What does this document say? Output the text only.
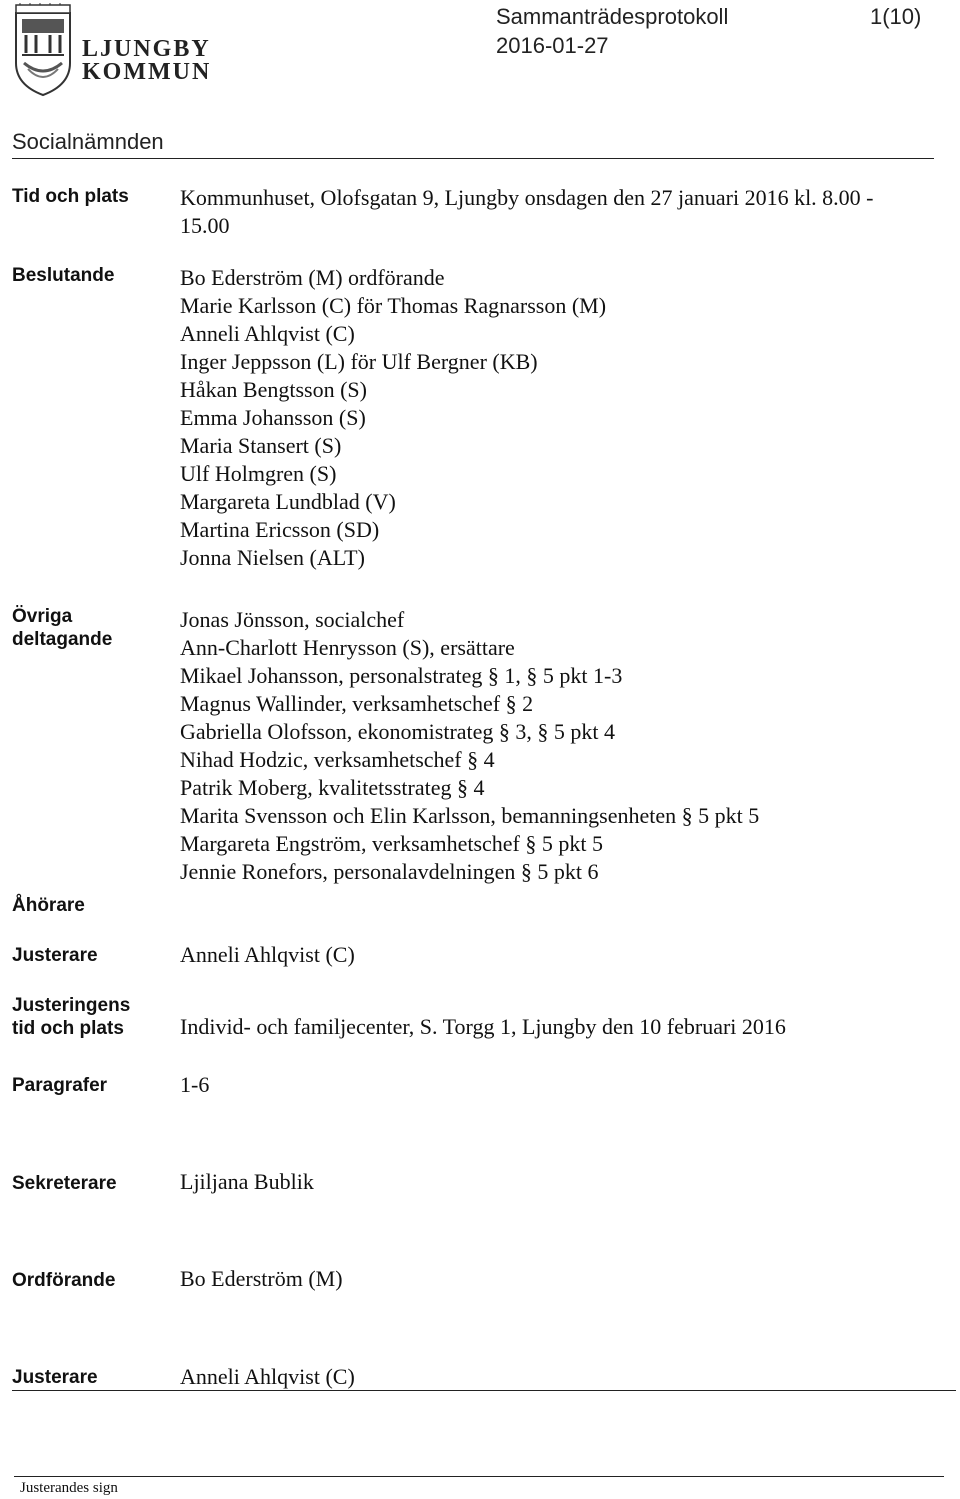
LJUNGBY
KOMMUN
Sammanträdesprotokoll	1(10)
2016-01-27
Socialnämnden
Tid och plats Kommunhuset, Olofsgatan 9, Ljungby onsdagen den 27 januari 2016 kl. 8.00 -
15.00
Beslutande	Bo Ederström (M) ordförande
Marie Karlsson (C) för Thomas Ragnarsson (M)
Anneli Ahlqvist (C)
Inger Jeppsson (L) för Ulf Bergner (KB)
Håkan Bengtsson (S)
Emma Johansson (S)
Maria Stansert (S)
Ulf Holmgren (S)
Margareta Lundblad (V)
Martina Ericsson (SD)
Jonna Nielsen (ALT)
Övriga
deltagande
Jonas Jönsson, socialchef
Ann-Charlott Henrysson (S), ersättare
Mikael Johansson, personalstrateg § 1, § 5 pkt 1-3
Magnus Wallinder, verksamhetschef § 2
Gabriella Olofsson, ekonomistrateg § 3, § 5 pkt 4
Nihad Hodzic, verksamhetschef § 4
Patrik Moberg, kvalitetsstrateg § 4
Marita Svensson och Elin Karlsson, bemanningsenheten § 5 pkt 5
Margareta Engström, verksamhetschef § 5 pkt 5
Jennie Ronefors, personalavdelningen § 5 pkt 6
Åhörare
Justerare	Anneli Ahlqvist (C)
Justeringens
tid och plats	Individ- och familjecenter, S. Torgg 1, Ljungby den 10 februari 2016
Paragrafer	1-6
Sekreterare	Ljiljana Bublik
Ordförande	Bo Ederström (M)
Justerare	Anneli Ahlqvist (C)
Justerandes sign
